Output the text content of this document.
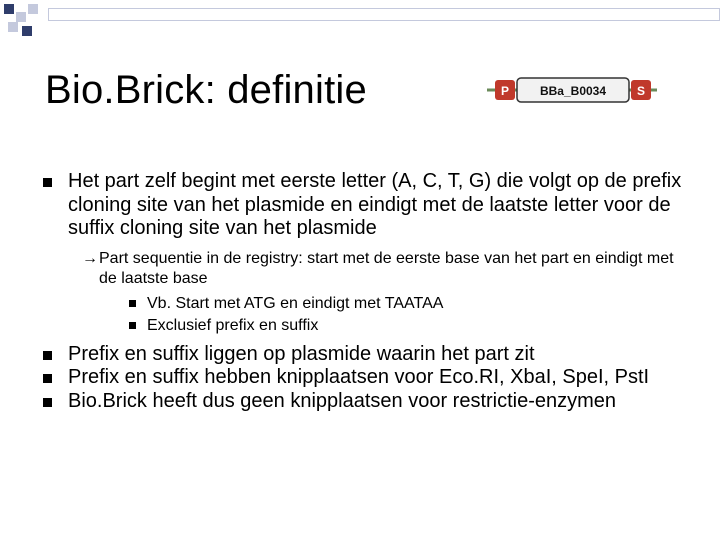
Bio.Brick: definitie	P	BBa_B0034	S
Het part zelf begint met eerste letter (A, C, T, G) die volgt op de prefix cloning site van het plasmide en eindigt met de laatste letter voor de suffix cloning site van het plasmide
→ Part sequentie in de registry: start met de eerste base van het part en eindigt met de laatste base
Vb. Start met ATG en eindigt met TAATAA
Exclusief prefix en suffix
Prefix en suffix liggen op plasmide waarin het part zit
Prefix en suffix hebben knipplaatsen voor Eco.RI, XbaI, SpeI, PstI
Bio.Brick heeft dus geen knipplaatsen voor restrictie-enzymen
